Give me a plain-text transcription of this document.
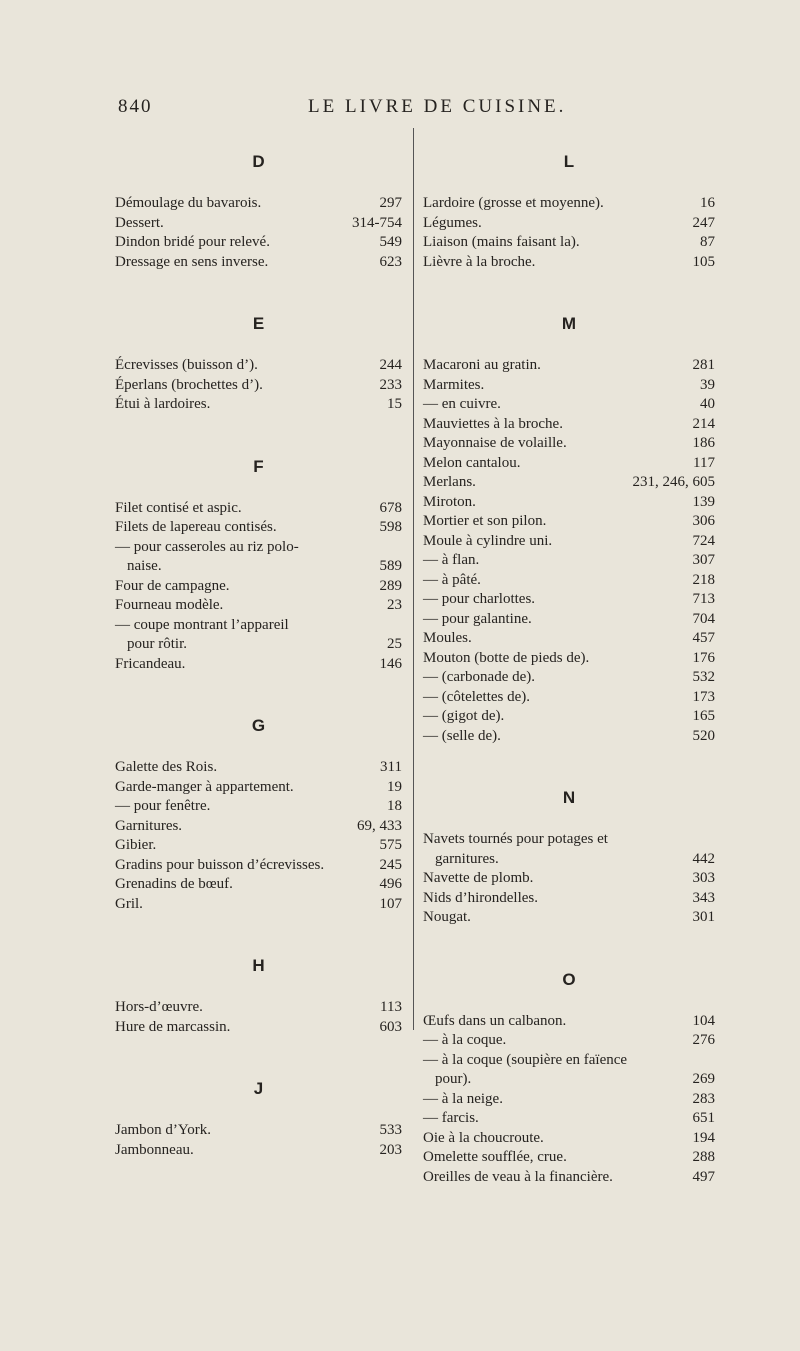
840	LE LIVRE DE CUISINE.
D
Démoulage du bavarois.	297
Dessert.	314-754
Dindon bridé pour relevé.	549
Dressage en sens inverse.	623
E
Écrevisses (buisson d’).	244
Éperlans (brochettes d’).	233
Étui à lardoires.	15
F
Filet contisé et aspic.	678
Filets de lapereau contisés.	598
— pour casseroles au riz polo-
naise.	589
Four de campagne.	289
Fourneau modèle.	23
— coupe montrant l’appareil
pour rôtir.	25
Fricandeau.	146
G
Galette des Rois.	311
Garde-manger à appartement.	19
— pour fenêtre.	18
Garnitures.	69, 433
Gibier.	575
Gradins pour buisson d’écrevisses.	245
Grenadins de bœuf.	496
Gril.	107
H
Hors-d’œuvre.	113
Hure de marcassin.	603
J
Jambon d’York.	533
Jambonneau.	203
L
Lardoire (grosse et moyenne).	16
Légumes.	247
Liaison (mains faisant la).	87
Lièvre à la broche.	105
M
Macaroni au gratin.	281
Marmites.	39
— en cuivre.	40
Mauviettes à la broche.	214
Mayonnaise de volaille.	186
Melon cantalou.	117
Merlans.	231, 246, 605
Miroton.	139
Mortier et son pilon.	306
Moule à cylindre uni.	724
— à flan.	307
— à pâté.	218
— pour charlottes.	713
— pour galantine.	704
Moules.	457
Mouton (botte de pieds de).	176
— (carbonade de).	532
— (côtelettes de).	173
— (gigot de).	165
— (selle de).	520
N
Navets tournés pour potages et
garnitures.	442
Navette de plomb.	303
Nids d’hirondelles.	343
Nougat.	301
O
Œufs dans un calbanon.	104
— à la coque.	276
— à la coque (soupière en faïence
pour).	269
— à la neige.	283
— farcis.	651
Oie à la choucroute.	194
Omelette soufflée, crue.	288
Oreilles de veau à la financière.	497
